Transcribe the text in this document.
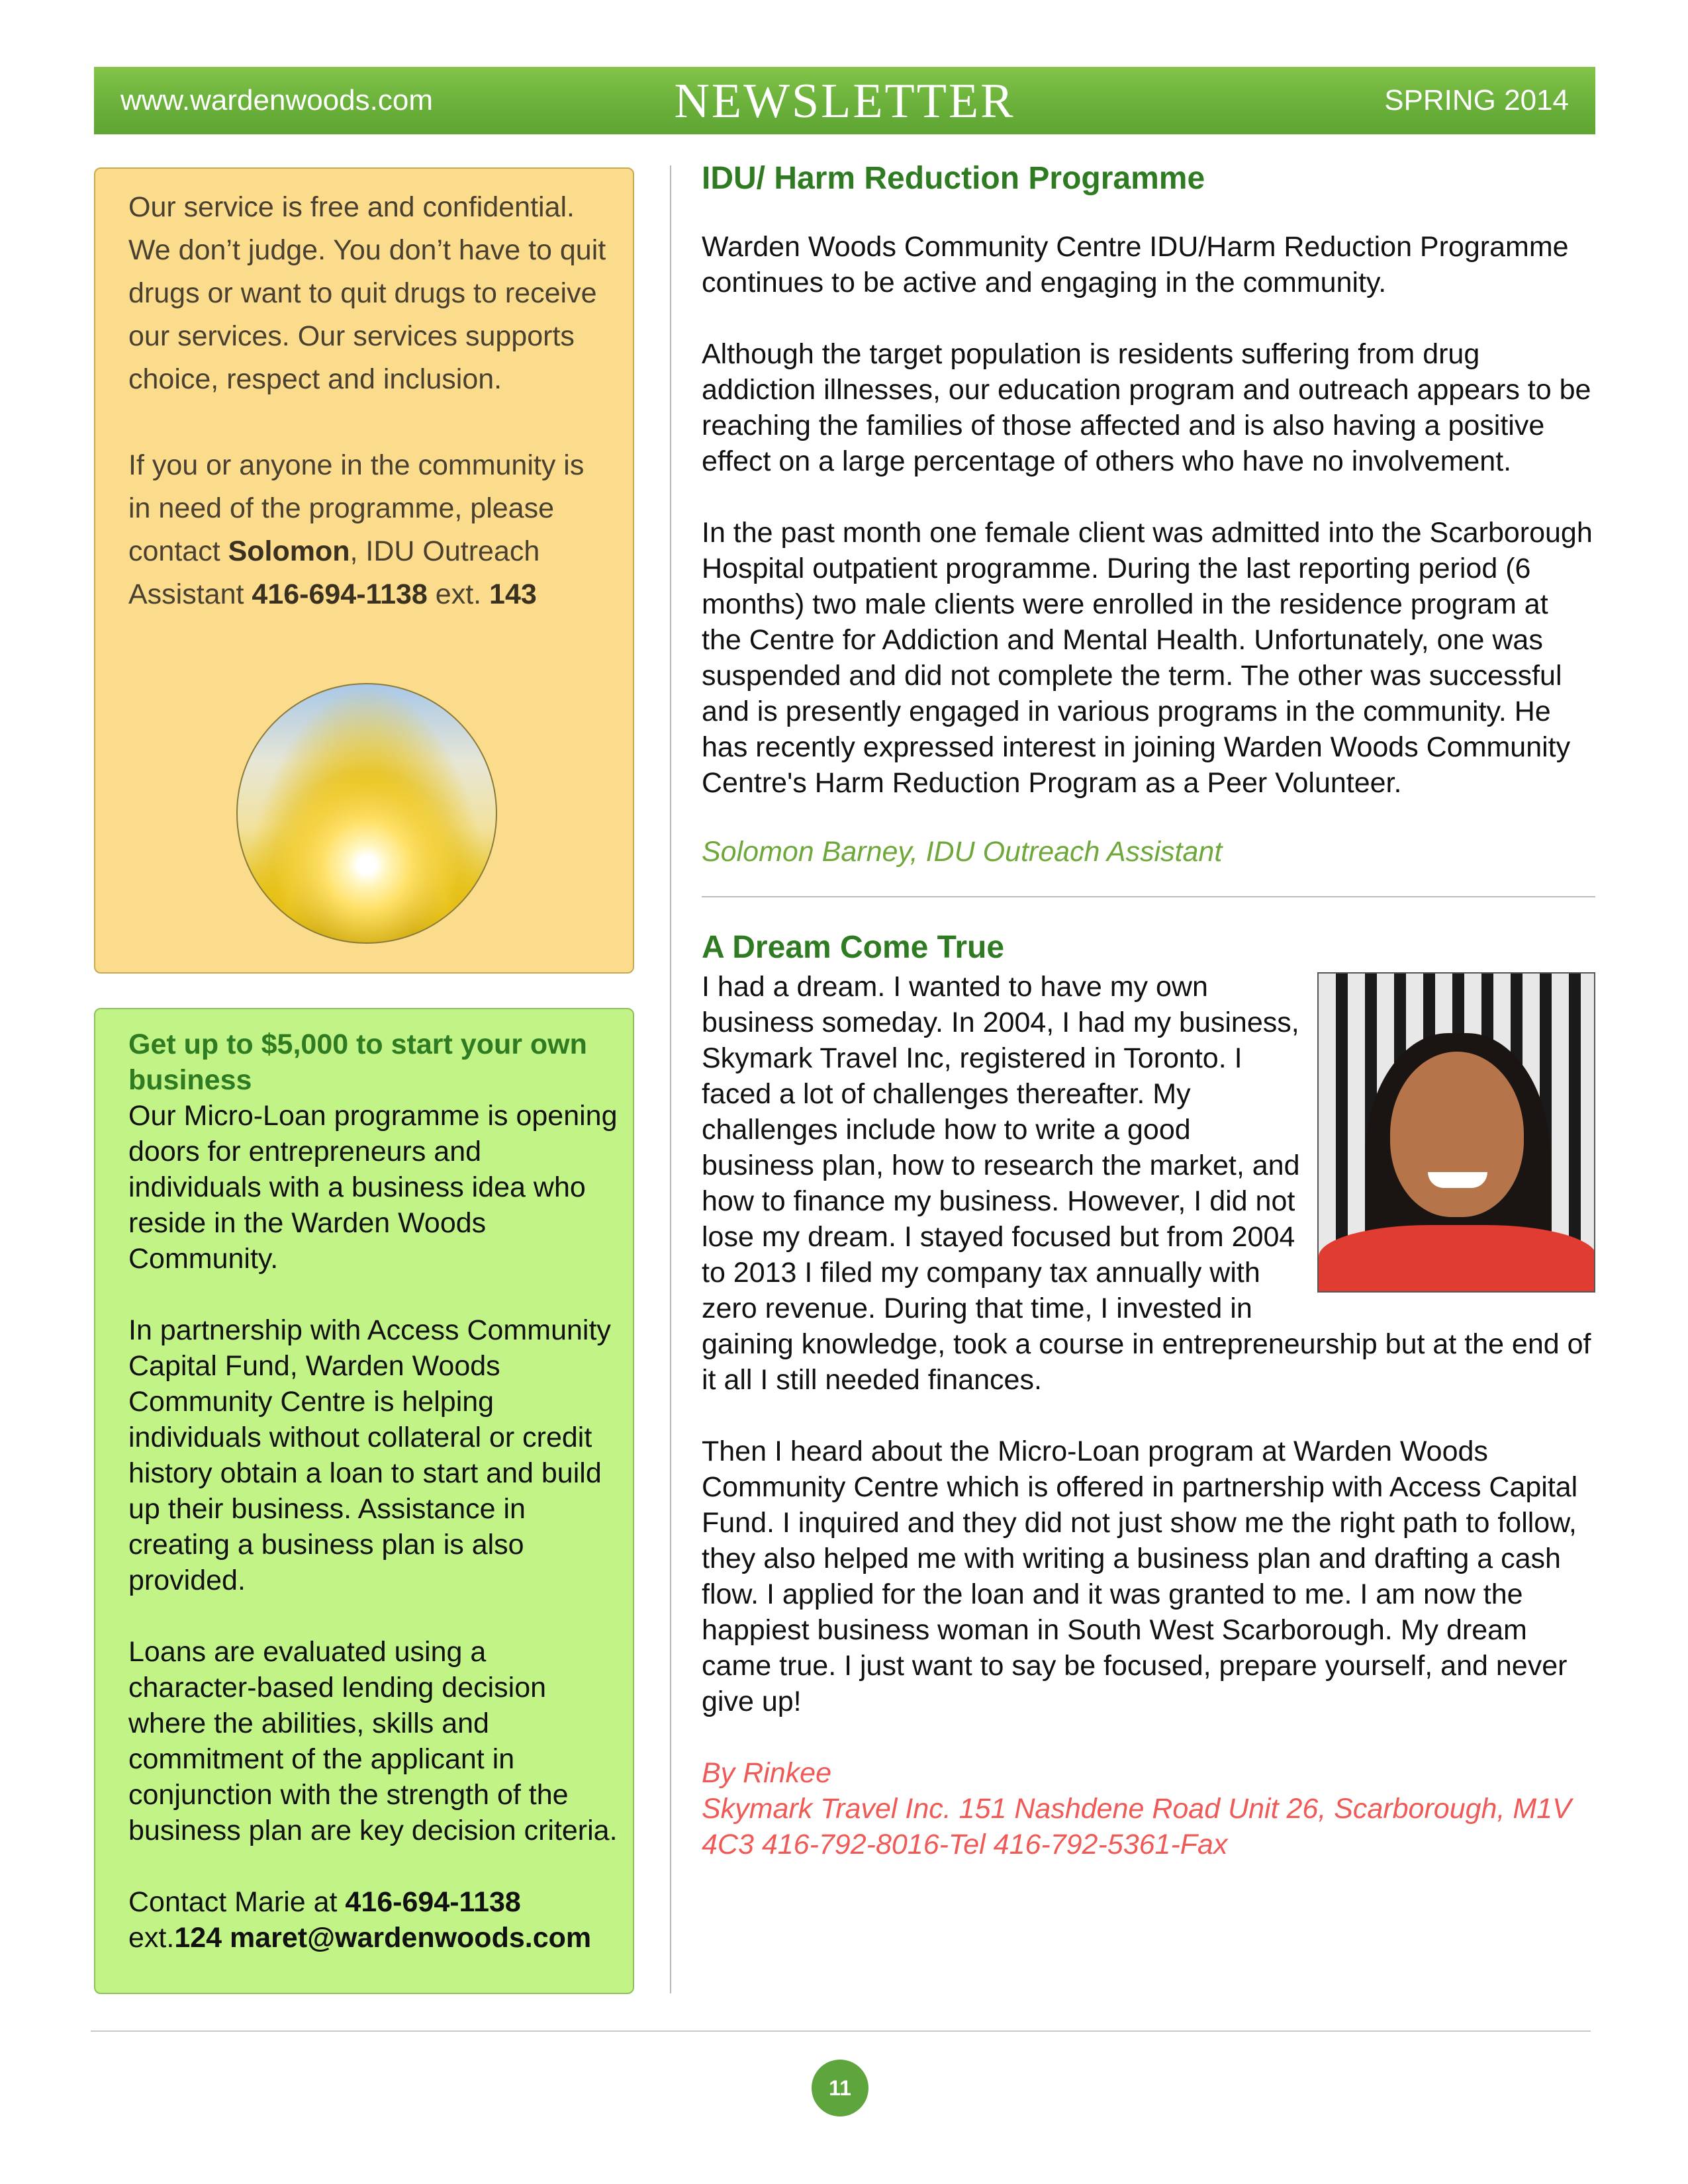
www.wardenwoods.com	NEWSLETTER	SPRING 2014

Our service is free and confidential. We don’t judge. You don’t have to quit drugs or want to quit drugs to receive our services. Our services supports choice, respect and inclusion.

If you or anyone in the community is in need of the programme, please contact Solomon, IDU Outreach Assistant 416-694-1138 ext. 143

Get up to $5,000 to start your own business

Our Micro-Loan programme is opening doors for entrepreneurs and individuals with a business idea who reside in the Warden Woods Community.

In partnership with Access Community Capital Fund, Warden Woods Community Centre is helping individuals without collateral or credit history obtain a loan to start and build up their business. Assistance in creating a business plan is also provided.

Loans are evaluated using a character-based lending decision where the abilities, skills and commitment of the applicant in conjunction with the strength of the business plan are key decision criteria.

Contact Marie at 416-694-1138
ext.124 maret@wardenwoods.com

IDU/ Harm Reduction Programme

Warden Woods Community Centre IDU/Harm Reduction Programme continues to be active and engaging in the community.

Although the target population is residents suffering from drug addiction illnesses, our education program and outreach appears to be reaching the families of those affected and is also having a positive effect on a large percentage of others who have no involvement.

In the past month one female client was admitted into the Scarborough Hospital outpatient programme. During the last reporting period (6 months) two male clients were enrolled in the residence program at the Centre for Addiction and Mental Health. Unfortunately, one was suspended and did not complete the term. The other was successful and is presently engaged in various programs in the community. He has recently expressed interest in joining Warden Woods Community Centre's Harm Reduction Program as a Peer Volunteer.

Solomon Barney, IDU Outreach Assistant

A Dream Come True

I had a dream. I wanted to have my own business someday. In 2004, I had my business, Skymark Travel Inc, registered in Toronto. I faced a lot of challenges thereafter. My challenges include how to write a good business plan, how to research the market, and how to finance my business. However, I did not lose my dream. I stayed focused but from 2004 to 2013 I filed my company tax annually with zero revenue. During that time, I invested in gaining knowledge, took a course in entrepreneurship but at the end of it all I still needed finances.

Then I heard about the Micro-Loan program at Warden Woods Community Centre which is offered in partnership with Access Capital Fund. I inquired and they did not just show me the right path to follow, they also helped me with writing a business plan and drafting a cash flow. I applied for the loan and it was granted to me. I am now the happiest business woman in South West Scarborough. My dream came true. I just want to say be focused, prepare yourself, and never give up!

By Rinkee

Skymark Travel Inc. 151 Nashdene Road Unit 26, Scarborough, M1V 4C3 416-792-8016-Tel 416-792-5361-Fax

11
